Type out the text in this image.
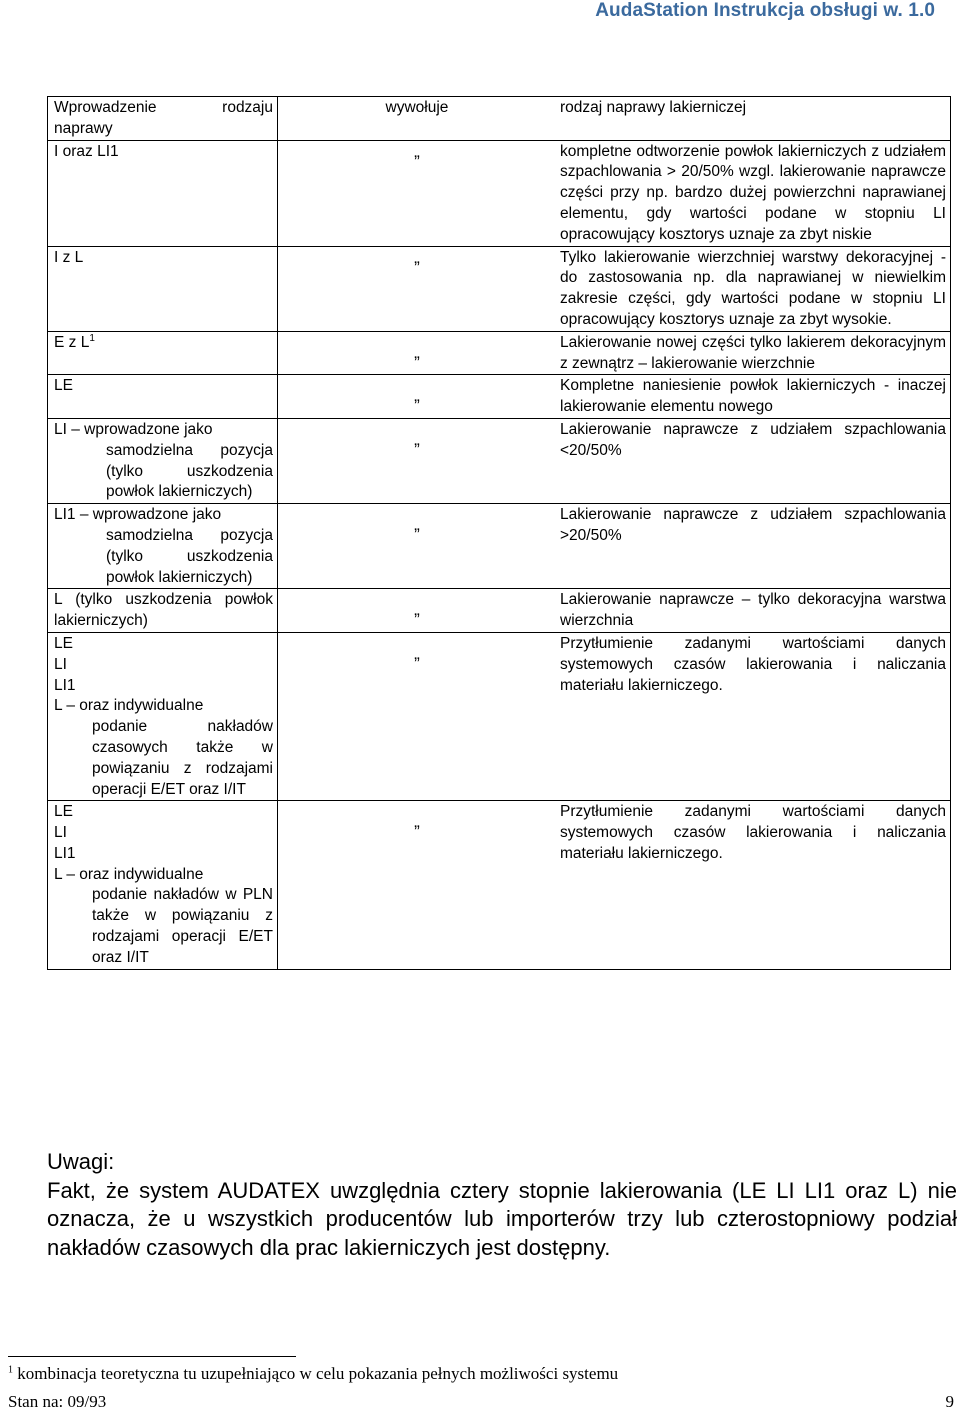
AudaStation Instrukcja obsługi w. 1.0
Wprowadzenie rodzaju naprawy	wywołuje	rodzaj naprawy lakierniczej
I oraz LI1	„	kompletne odtworzenie powłok lakierniczych z udziałem szpachlowania > 20/50% wzgl. lakierowanie naprawcze części przy np. bardzo dużej powierzchni naprawianej elementu, gdy wartości podane w stopniu LI opracowujący kosztorys uznaje za zbyt niskie
I z L	„	Tylko lakierowanie wierzchniej warstwy dekoracyjnej - do zastosowania np. dla naprawianej w niewielkim zakresie części, gdy wartości podane w stopniu LI opracowujący kosztorys uznaje za zbyt wysokie.
E z $L^1$	„	Lakierowanie nowej części tylko lakierem dekoracyjnym z zewnątrz – lakierowanie wierzchnie
LE	„	Kompletne naniesienie powłok lakierniczych - inaczej lakierowanie elementu nowego

LI – wprowadzone jako
samodzielna pozycja (tylko uszkodzenia powłok lakierniczych)	„	Lakierowanie naprawcze z udziałem szpachlowania <20/50%

LI1 – wprowadzone jako
samodzielna pozycja (tylko uszkodzenia powłok lakierniczych)	„	Lakierowanie naprawcze z udziałem szpachlowania >20/50%
L (tylko uszkodzenia powłok lakierniczych)	„	Lakierowanie naprawcze – tylko dekoracyjna warstwa wierzchnia

LE
LI
LI1
L – oraz indywidualne
podanie nakładów czasowych także w powiązaniu z rodzajami operacji E/ET oraz I/IT	„	Przytłumienie zadanymi wartościami danych systemowych czasów lakierowania i naliczania materiału lakierniczego.

LE
LI
LI1
L – oraz indywidualne
podanie nakładów w PLN także w powiązaniu z rodzajami operacji E/ET oraz I/IT	„	Przytłumienie zadanymi wartościami danych systemowych czasów lakierowania i naliczania materiału lakierniczego.
Uwagi:
Fakt, że system AUDATEX uwzględnia cztery stopnie lakierowania (LE LI LI1 oraz L) nie oznacza, że u wszystkich producentów lub importerów trzy lub czterostopniowy podział nakładów czasowych dla prac lakierniczych jest dostępny.
$^1$ kombinacja teoretyczna tu uzupełniająco w celu pokazania pełnych możliwości systemu
Stan na: 09/93	9
